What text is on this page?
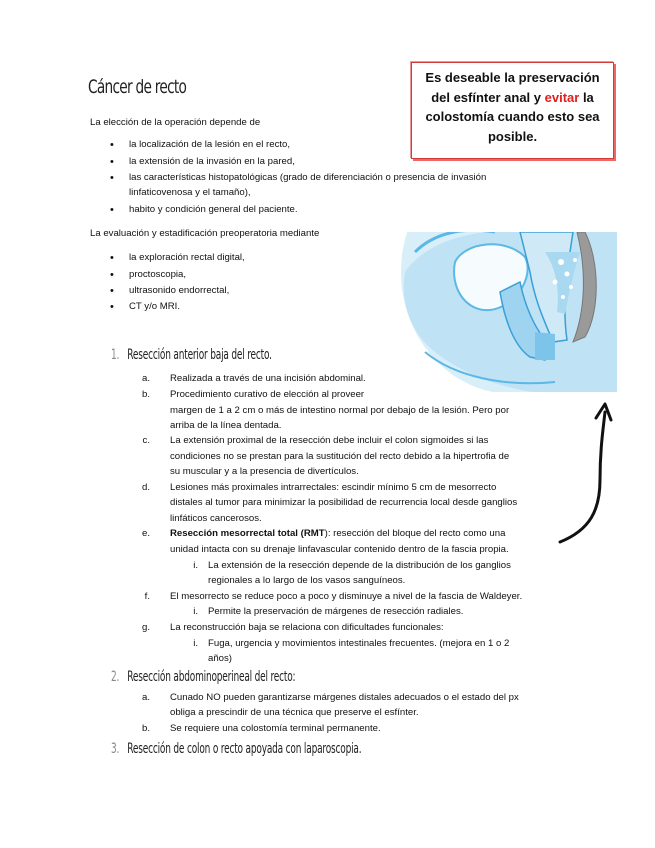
Cáncer de recto	Es deseable la preservación del esfínter anal y evitar la colostomía cuando esto sea posible.
La elección de la operación depende de
• la localización de la lesión en el recto,
• la extensión de la invasión en la pared,
• las características histopatológicas (grado de diferenciación o presencia de invasión
linfaticovenosa y el tamaño),
• habito y condición general del paciente.
La evaluación y estadificación preoperatoria mediante
• la exploración rectal digital,
• proctoscopia,
• ultrasonido endorrectal,
• CT y/o MRI.
1. Resección anterior baja del recto.
a. Realizada a través de una incisión abdominal.
b. Procedimiento curativo de elección al proveer
margen de 1 a 2 cm o más de intestino normal por debajo de la lesión. Pero por
arriba de la línea dentada.
c. La extensión proximal de la resección debe incluir el colon sigmoides si las
condiciones no se prestan para la sustitución del recto debido a la hipertrofia de
su muscular y a la presencia de divertículos.
d. Lesiones más proximales intrarrectales: escindir mínimo 5 cm de mesorrecto
distales al tumor para minimizar la posibilidad de recurrencia local desde ganglios
linfáticos cancerosos.
e. Resección mesorrectal total (RMT): resección del bloque del recto como una
unidad intacta con su drenaje linfavascular contenido dentro de la fascia propia.
i. La extensión de la resección depende de la distribución de los ganglios
regionales a lo largo de los vasos sanguíneos.
f. El mesorrecto se reduce poco a poco y disminuye a nivel de la fascia de Waldeyer.
i. Permite la preservación de márgenes de resección radiales.
g. La reconstrucción baja se relaciona con dificultades funcionales:
i. Fuga, urgencia y movimientos intestinales frecuentes. (mejora en 1 o 2
años)
2. Resección abdominoperineal del recto:
a. Cunado NO pueden garantizarse márgenes distales adecuados o el estado del px
obliga a prescindir de una técnica que preserve el esfínter.
b. Se requiere una colostomía terminal permanente.
3. Resección de colon o recto apoyada con laparoscopia.
